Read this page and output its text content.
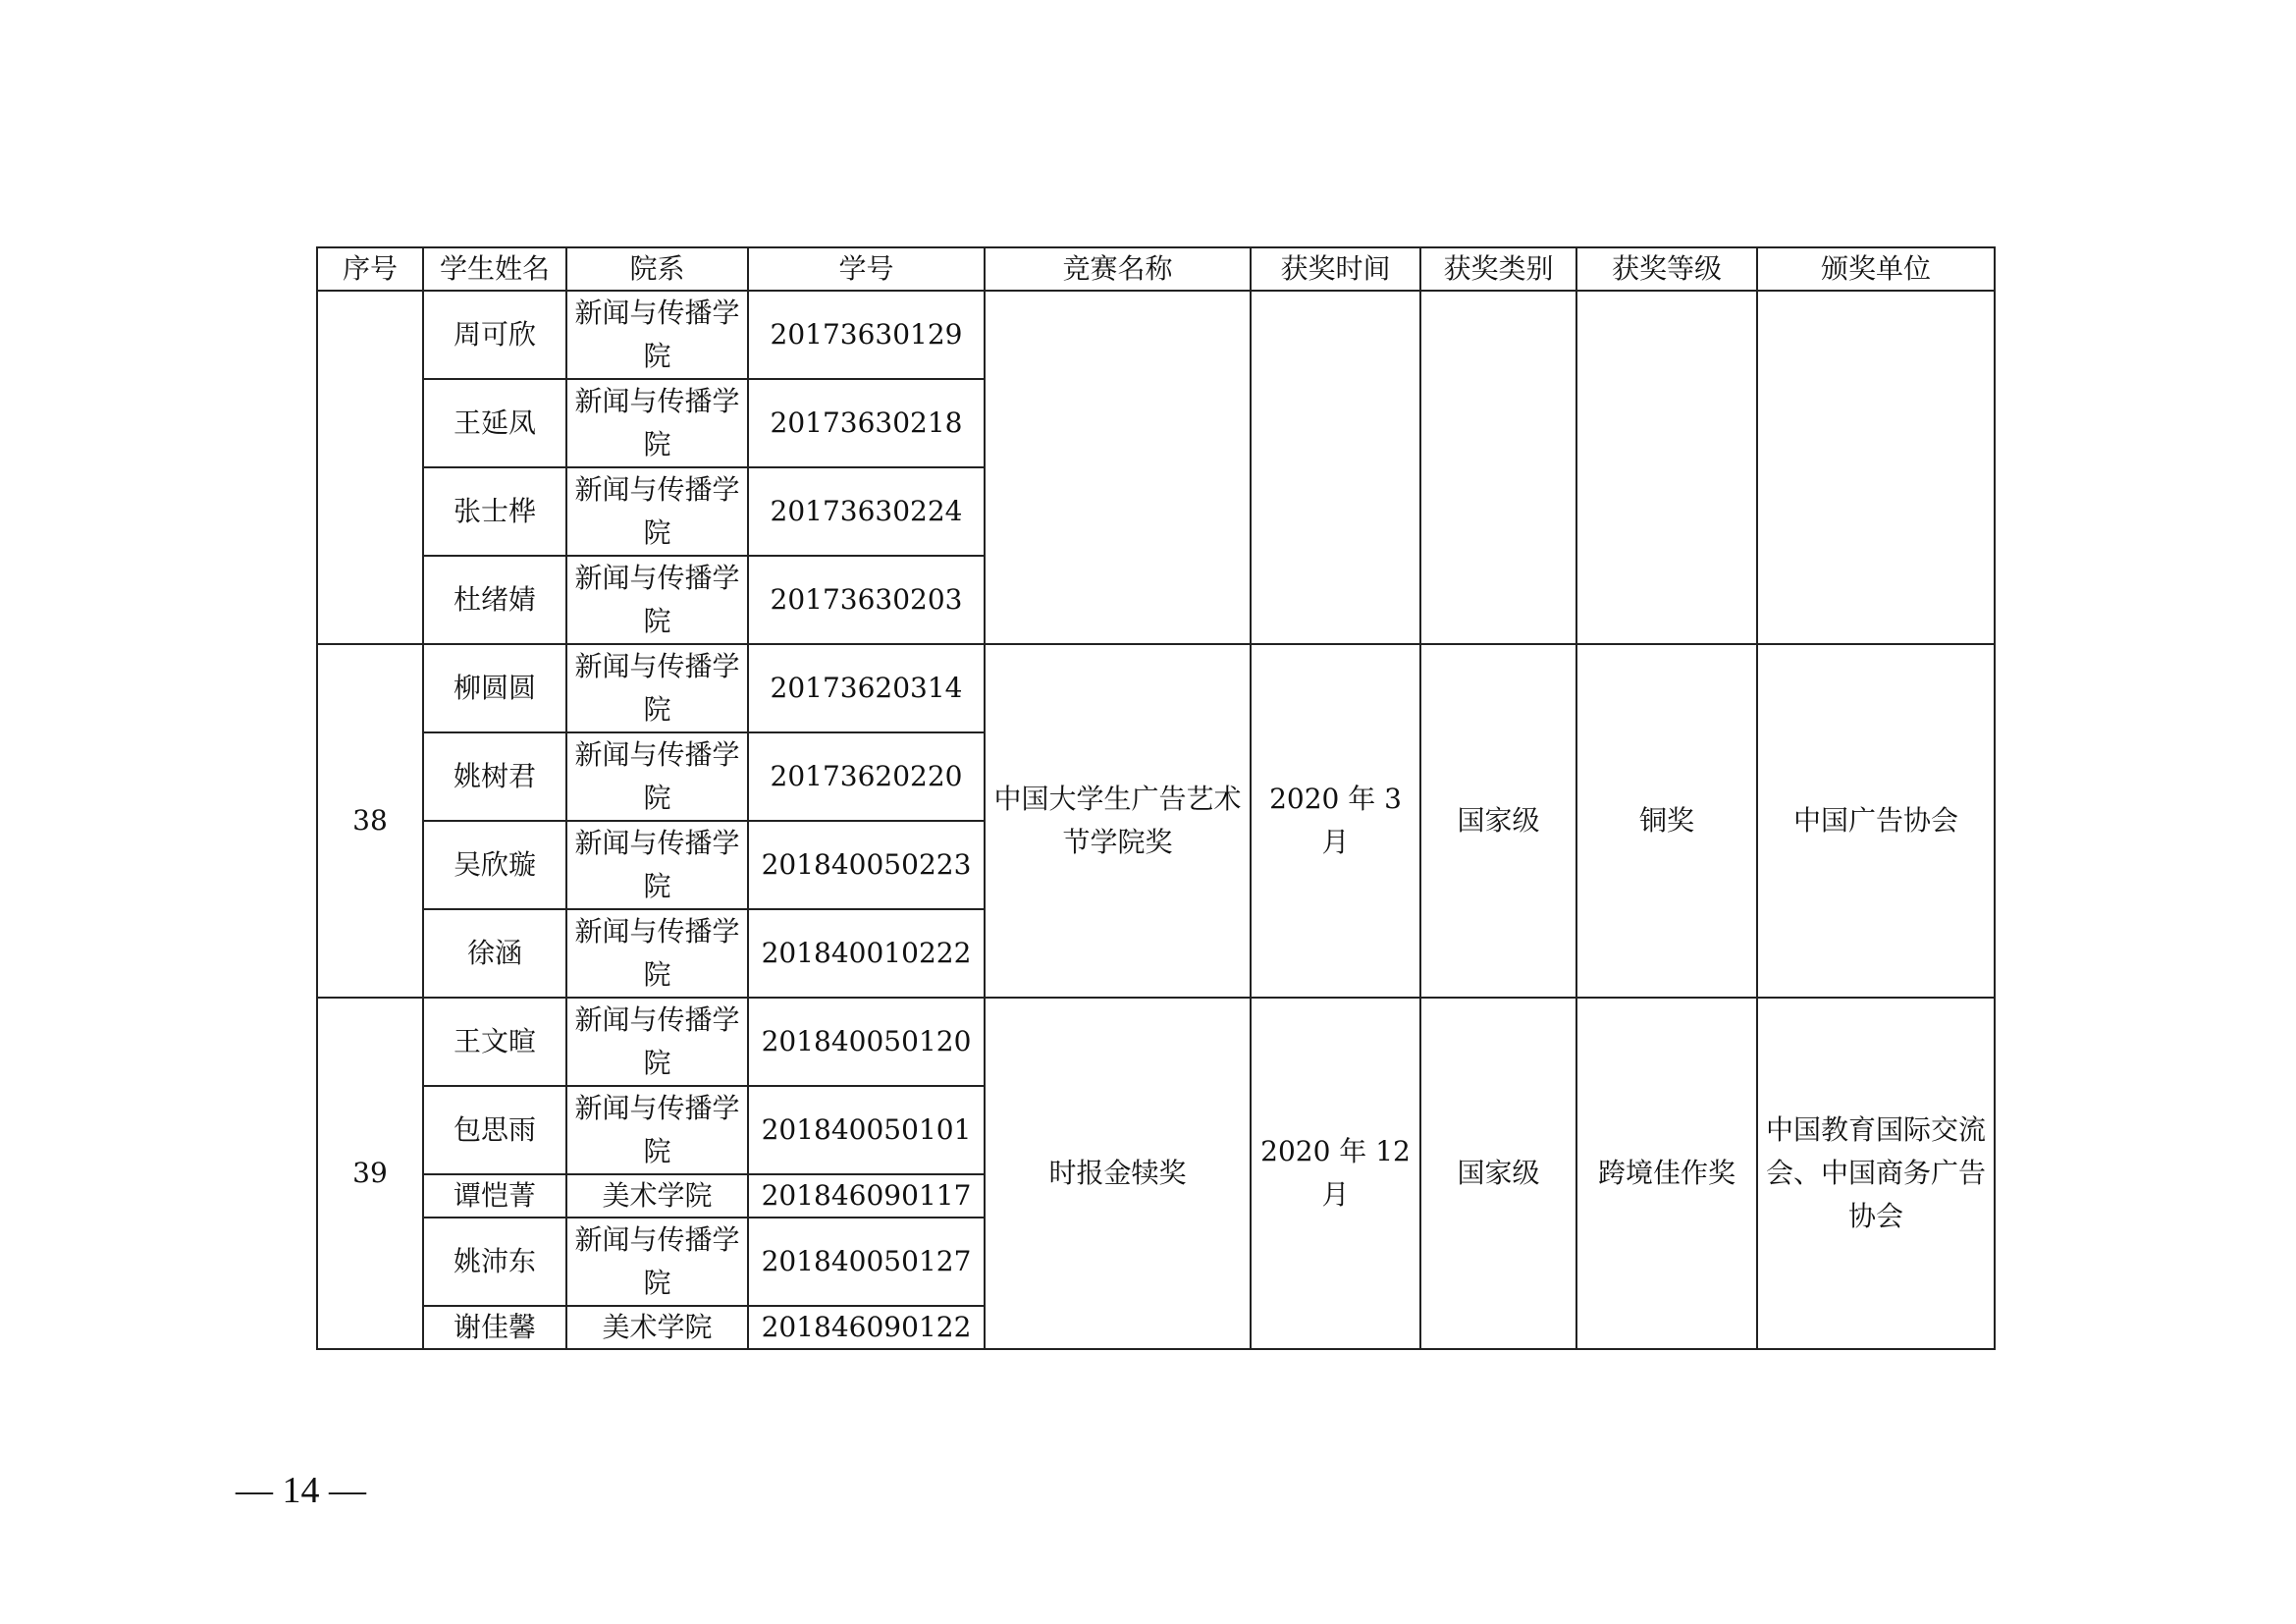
序号	学生姓名	院系	学号	竞赛名称	获奖时间	获奖类别	获奖等级	颁奖单位
	周可欣	新闻与传播学院	20173630129					
	王延凤	新闻与传播学院	20173630218					
	张士桦	新闻与传播学院	20173630224					
	杜绪婧	新闻与传播学院	20173630203					
38	柳圆圆	新闻与传播学院	20173620314	中国大学生广告艺术节学院奖	2020 年 3 月	国家级	铜奖	中国广告协会
	姚树君	新闻与传播学院	20173620220					
	吴欣璇	新闻与传播学院	201840050223					
	徐涵	新闻与传播学院	201840010222					
39	王文暄	新闻与传播学院	201840050120	时报金犊奖	2020 年 12 月	国家级	跨境佳作奖	中国教育国际交流会、中国商务广告协会
	包思雨	新闻与传播学院	201840050101					
	谭恺菁	美术学院	201846090117					
	姚沛东	新闻与传播学院	201840050127					
	谢佳馨	美术学院	201846090122					
— 14 —
